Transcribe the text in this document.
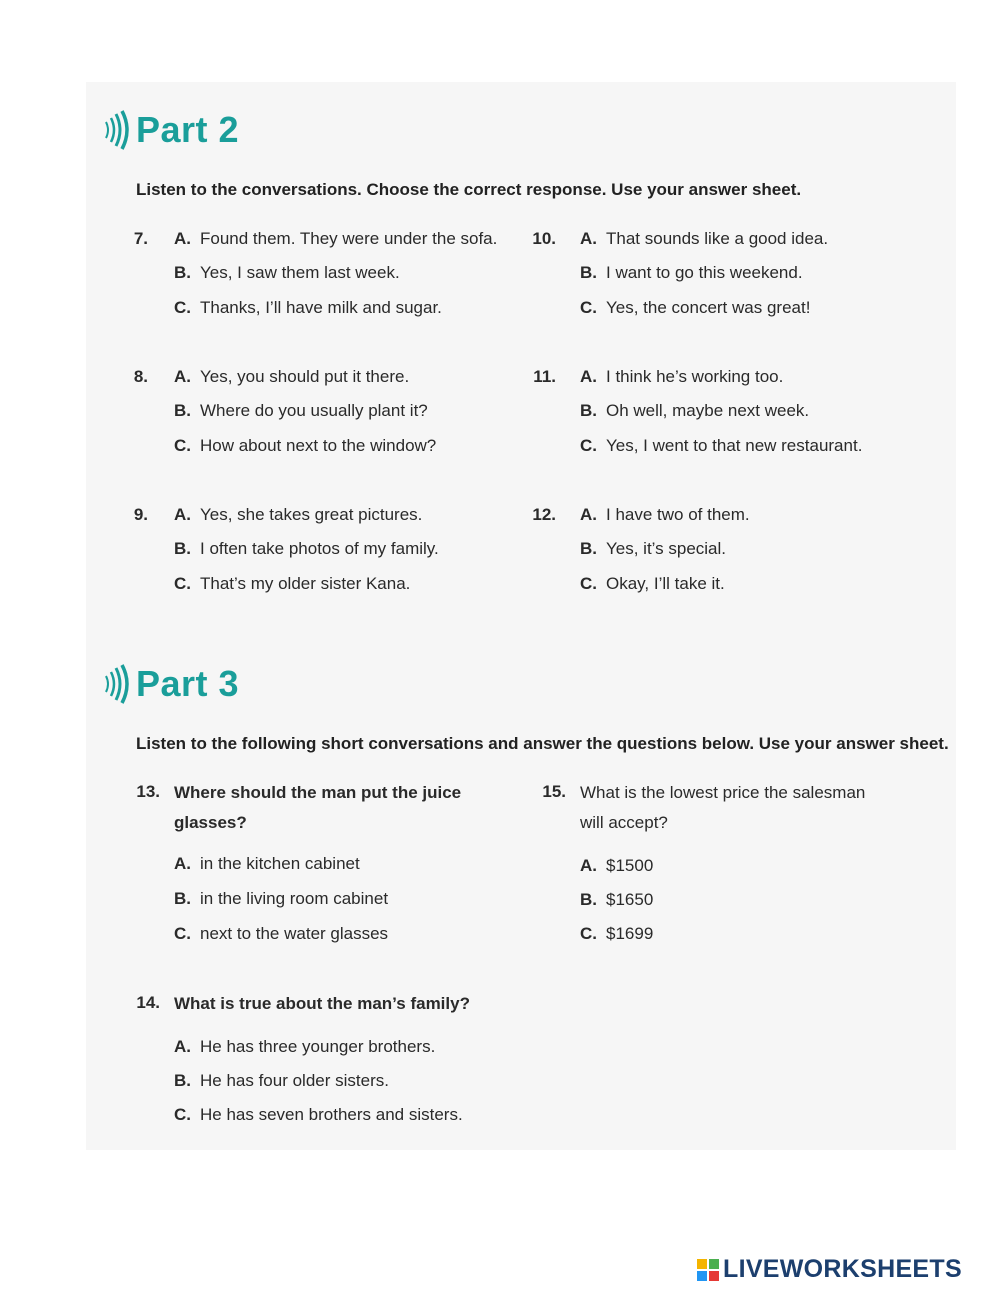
Part 2
Listen to the conversations. Choose the correct response. Use your answer sheet.
7. A. Found them. They were under the sofa.
B. Yes, I saw them last week.
C. Thanks, I’ll have milk and sugar.
8. A. Yes, you should put it there.
B. Where do you usually plant it?
C. How about next to the window?
9. A. Yes, she takes great pictures.
B. I often take photos of my family.
C. That’s my older sister Kana.
10. A. That sounds like a good idea.
B. I want to go this weekend.
C. Yes, the concert was great!
11. A. I think he’s working too.
B. Oh well, maybe next week.
C. Yes, I went to that new restaurant.
12. A. I have two of them.
B. Yes, it’s special.
C. Okay, I’ll take it.
Part 3
Listen to the following short conversations and answer the questions below. Use your answer sheet.
13. Where should the man put the juice
glasses?
A. in the kitchen cabinet
B. in the living room cabinet
C. next to the water glasses
14. What is true about the man’s family?
A. He has three younger brothers.
B. He has four older sisters.
C. He has seven brothers and sisters.
15. What is the lowest price the salesman
will accept?
A. $1500
B. $1650
C. $1699
LIVEWORKSHEETS
